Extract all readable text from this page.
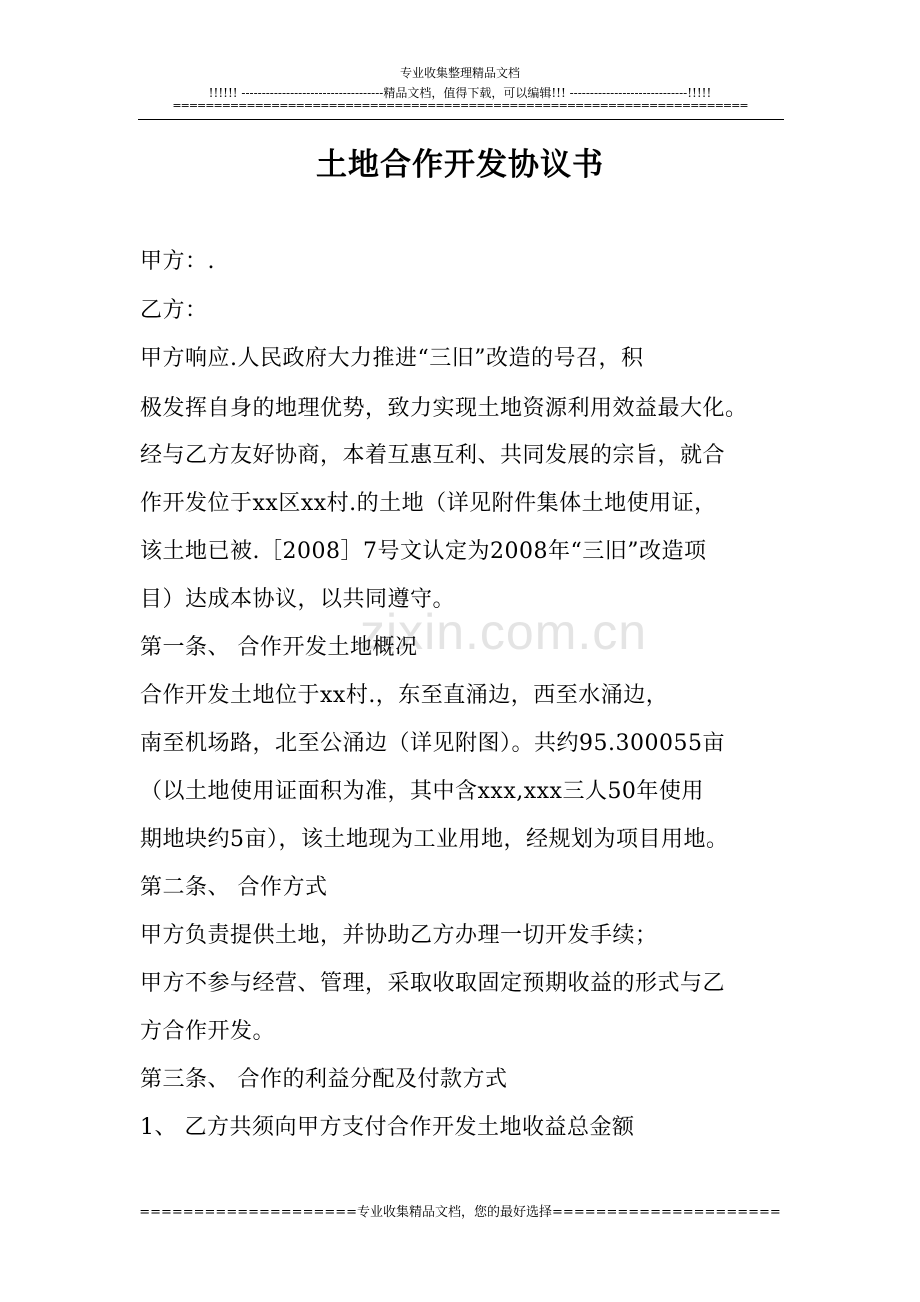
专业收集整理精品文档
!!!!!! -----------------------------------精品文档，值得下载，可以编辑!!! -----------------------------!!!!!
======================================================================
土地合作开发协议书
zixin.com.cn
甲方：.
乙方：
甲方响应.人民政府大力推进“三旧”改造的号召，积
极发挥自身的地理优势，致力实现土地资源利用效益最大化。
经与乙方友好协商，本着互惠互利、共同发展的宗旨，就合
作开发位于xx区xx村.的土地（详见附件集体土地使用证，
该土地已被.［2008］7号文认定为2008年“三旧”改造项
目）达成本协议，以共同遵守。
第一条、 合作开发土地概况
合作开发土地位于xx村.，东至直涌边，西至水涌边，
南至机场路，北至公涌边（详见附图）。共约95.300055亩
（以土地使用证面积为准，其中含xxx,xxx三人50年使用
期地块约5亩），该土地现为工业用地，经规划为项目用地。
第二条、 合作方式
甲方负责提供土地，并协助乙方办理一切开发手续；
甲方不参与经营、管理，采取收取固定预期收益的形式与乙
方合作开发。
第三条、 合作的利益分配及付款方式
1、 乙方共须向甲方支付合作开发土地收益总金额
====================专业收集精品文档，您的最好选择=====================
